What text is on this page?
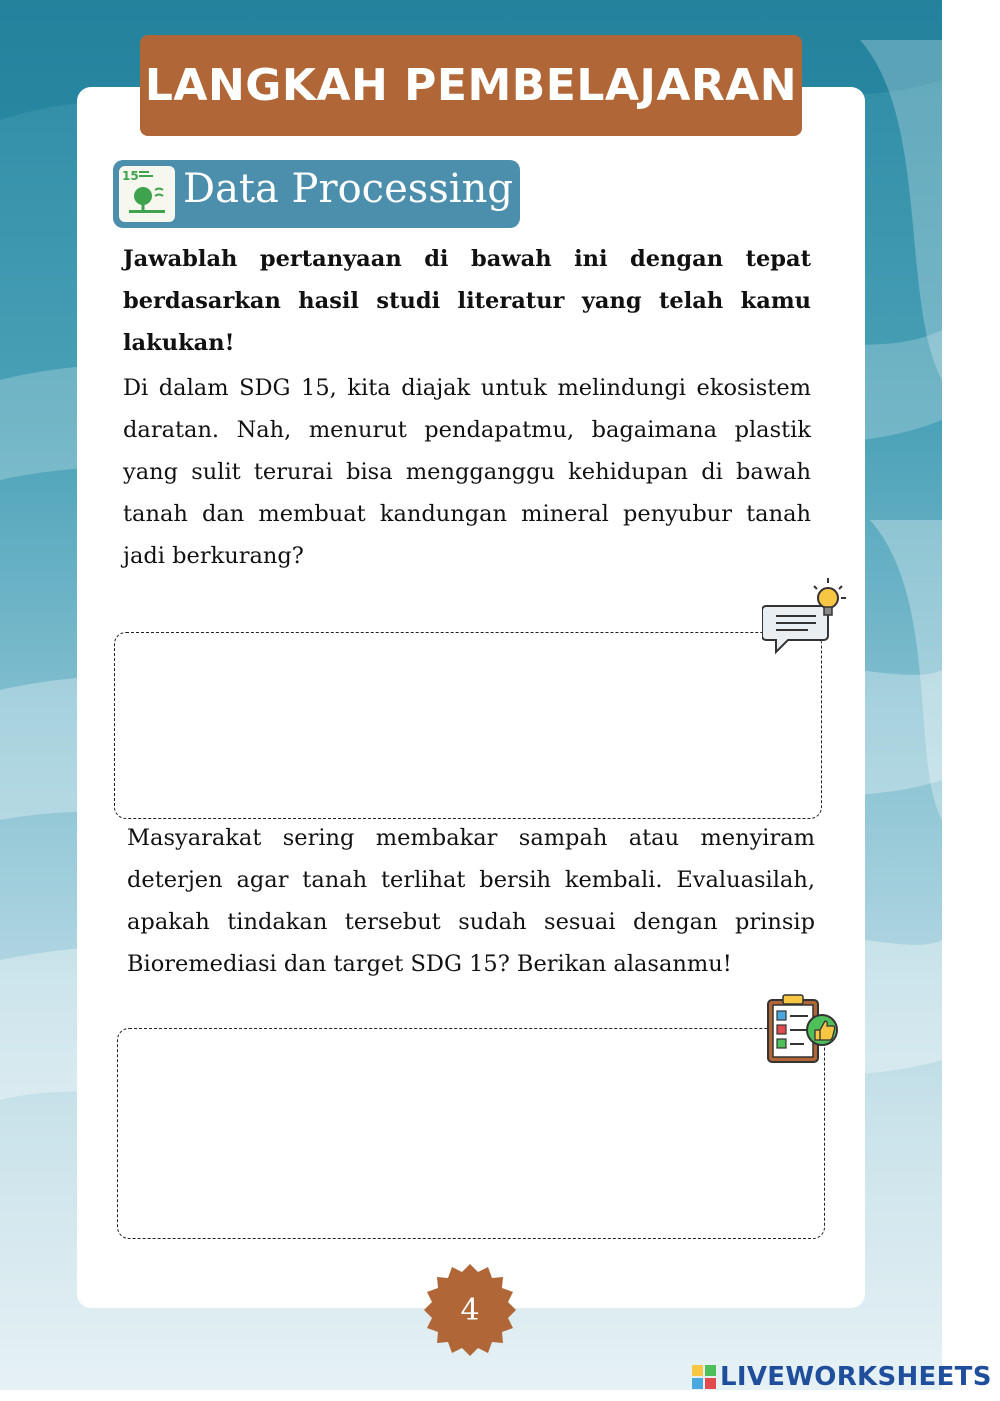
LANGKAH PEMBELAJARAN
15 Data Processing
Jawablah pertanyaan di bawah ini dengan tepat berdasarkan hasil studi literatur yang telah kamu lakukan!
Di dalam SDG 15, kita diajak untuk melindungi ekosistem daratan. Nah, menurut pendapatmu, bagaimana plastik yang sulit terurai bisa mengganggu kehidupan di bawah tanah dan membuat kandungan mineral penyubur tanah jadi berkurang?
Masyarakat sering membakar sampah atau menyiram deterjen agar tanah terlihat bersih kembali. Evaluasilah, apakah tindakan tersebut sudah sesuai dengan prinsip Bioremediasi dan target SDG 15? Berikan alasanmu!
4
LIVEWORKSHEETS
